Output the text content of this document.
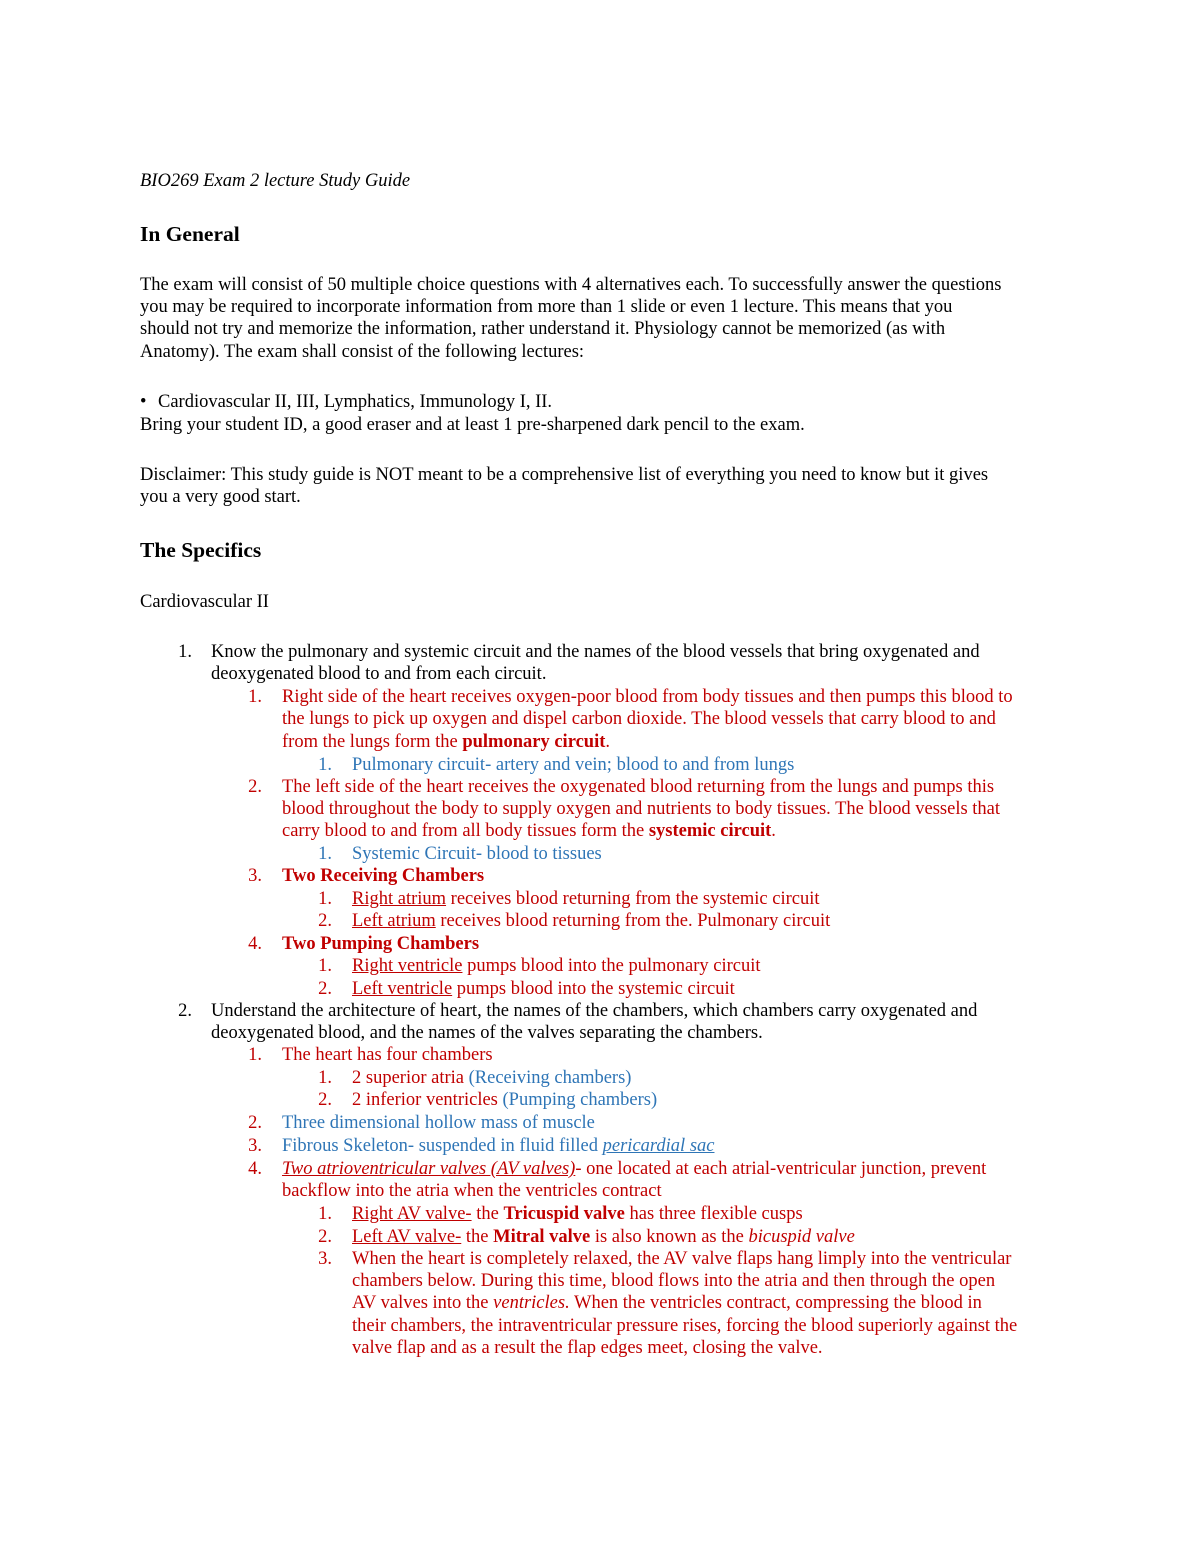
BIO269 Exam 2 lecture Study Guide
In General
The exam will consist of 50 multiple choice questions with 4 alternatives each. To successfully answer the questions
you may be required to incorporate information from more than 1 slide or even 1 lecture. This means that you
should not try and memorize the information, rather understand it. Physiology cannot be memorized (as with
Anatomy). The exam shall consist of the following lectures:
• Cardiovascular II, III, Lymphatics, Immunology I, II.
Bring your student ID, a good eraser and at least 1 pre-sharpened dark pencil to the exam.
Disclaimer: This study guide is NOT meant to be a comprehensive list of everything you need to know but it gives
you a very good start.
The Specifics
Cardiovascular II
1. Know the pulmonary and systemic circuit and the names of the blood vessels that bring oxygenated and
deoxygenated blood to and from each circuit.
1. Right side of the heart receives oxygen-poor blood from body tissues and then pumps this blood to
the lungs to pick up oxygen and dispel carbon dioxide. The blood vessels that carry blood to and
from the lungs form the pulmonary circuit.
1. Pulmonary circuit- artery and vein; blood to and from lungs
2. The left side of the heart receives the oxygenated blood returning from the lungs and pumps this
blood throughout the body to supply oxygen and nutrients to body tissues. The blood vessels that
carry blood to and from all body tissues form the systemic circuit.
1. Systemic Circuit- blood to tissues
3. Two Receiving Chambers
1. Right atrium receives blood returning from the systemic circuit
2. Left atrium receives blood returning from the. Pulmonary circuit
4. Two Pumping Chambers
1. Right ventricle pumps blood into the pulmonary circuit
2. Left ventricle pumps blood into the systemic circuit
2. Understand the architecture of heart, the names of the chambers, which chambers carry oxygenated and
deoxygenated blood, and the names of the valves separating the chambers.
1. The heart has four chambers
1. 2 superior atria (Receiving chambers)
2. 2 inferior ventricles (Pumping chambers)
2. Three dimensional hollow mass of muscle
3. Fibrous Skeleton- suspended in fluid filled pericardial sac
4. Two atrioventricular valves (AV valves)- one located at each atrial-ventricular junction, prevent
backflow into the atria when the ventricles contract
1. Right AV valve- the Tricuspid valve has three flexible cusps
2. Left AV valve- the Mitral valve is also known as the bicuspid valve
3. When the heart is completely relaxed, the AV valve flaps hang limply into the ventricular
chambers below. During this time, blood flows into the atria and then through the open
AV valves into the ventricles. When the ventricles contract, compressing the blood in
their chambers, the intraventricular pressure rises, forcing the blood superiorly against the
valve flap and as a result the flap edges meet, closing the valve.
